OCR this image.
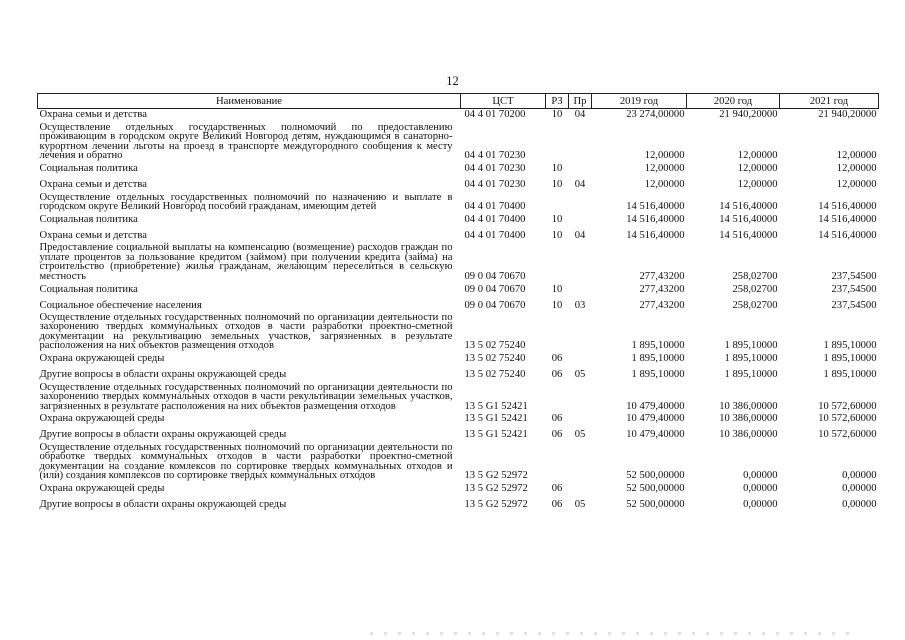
12
Наименование	ЦСТ	РЗ	Пр	2019 год	2020 год	2021 год
Охрана семьи и детства	04 4 01 70200	10	04	23 274,00000	21 940,20000	21 940,20000
Осуществление отдельных государственных полномочий по предоставлению проживающим в городском округе Великий Новгород детям, нуждающимся в санаторно-курортном лечении льготы на проезд в транспорте междугородного сообщения к месту лечения и обратно	04 4 01 70230			12,00000	12,00000	12,00000
Социальная политика	04 4 01 70230	10		12,00000	12,00000	12,00000
Охрана семьи и детства	04 4 01 70230	10	04	12,00000	12,00000	12,00000
Осуществление отдельных государственных полномочий по назначению и выплате в городском округе Великий Новгород пособий гражданам, имеющим детей	04 4 01 70400			14 516,40000	14 516,40000	14 516,40000
Социальная политика	04 4 01 70400	10		14 516,40000	14 516,40000	14 516,40000
Охрана семьи и детства	04 4 01 70400	10	04	14 516,40000	14 516,40000	14 516,40000
Предоставление социальной выплаты на компенсацию (возмещение) расходов граждан по уплате процентов за пользование кредитом (займом) при получении кредита (займа) на строительство (приобретение) жилья гражданам, желающим переселиться в сельскую местность	09 0 04 70670			277,43200	258,02700	237,54500
Социальная политика	09 0 04 70670	10		277,43200	258,02700	237,54500
Социальное обеспечение населения	09 0 04 70670	10	03	277,43200	258,02700	237,54500
Осуществление отдельных государственных полномочий по организации деятельности по захоронению твердых коммунальных отходов в части разработки проектно-сметной документации на рекультивацию земельных участков, загрязненных в результате расположения на них объектов размещения отходов	13 5 02 75240			1 895,10000	1 895,10000	1 895,10000
Охрана окружающей среды	13 5 02 75240	06		1 895,10000	1 895,10000	1 895,10000
Другие вопросы в области охраны окружающей среды	13 5 02 75240	06	05	1 895,10000	1 895,10000	1 895,10000
Осуществление отдельных государственных полномочий по организации деятельности по захоронению твердых коммунальных отходов в части рекультивации земельных участков, загрязненных в результате расположения на них объектов размещения отходов	13 5 G1 52421			10 479,40000	10 386,00000	10 572,60000
Охрана окружающей среды	13 5 G1 52421	06		10 479,40000	10 386,00000	10 572,60000
Другие вопросы в области охраны окружающей среды	13 5 G1 52421	06	05	10 479,40000	10 386,00000	10 572,60000
Осуществление отдельных государственных полномочий по организации деятельности по обработке твердых коммунальных отходов в части разработки проектно-сметной документации на создание комлексов по сортировке твердых коммунальных отходов и (или) создания комплексов по сортировке твердых коммунальных отходов	13 5 G2 52972			52 500,00000	0,00000	0,00000
Охрана окружающей среды	13 5 G2 52972	06		52 500,00000	0,00000	0,00000
Другие вопросы в области охраны окружающей среды	13 5 G2 52972	06	05	52 500,00000	0,00000	0,00000
